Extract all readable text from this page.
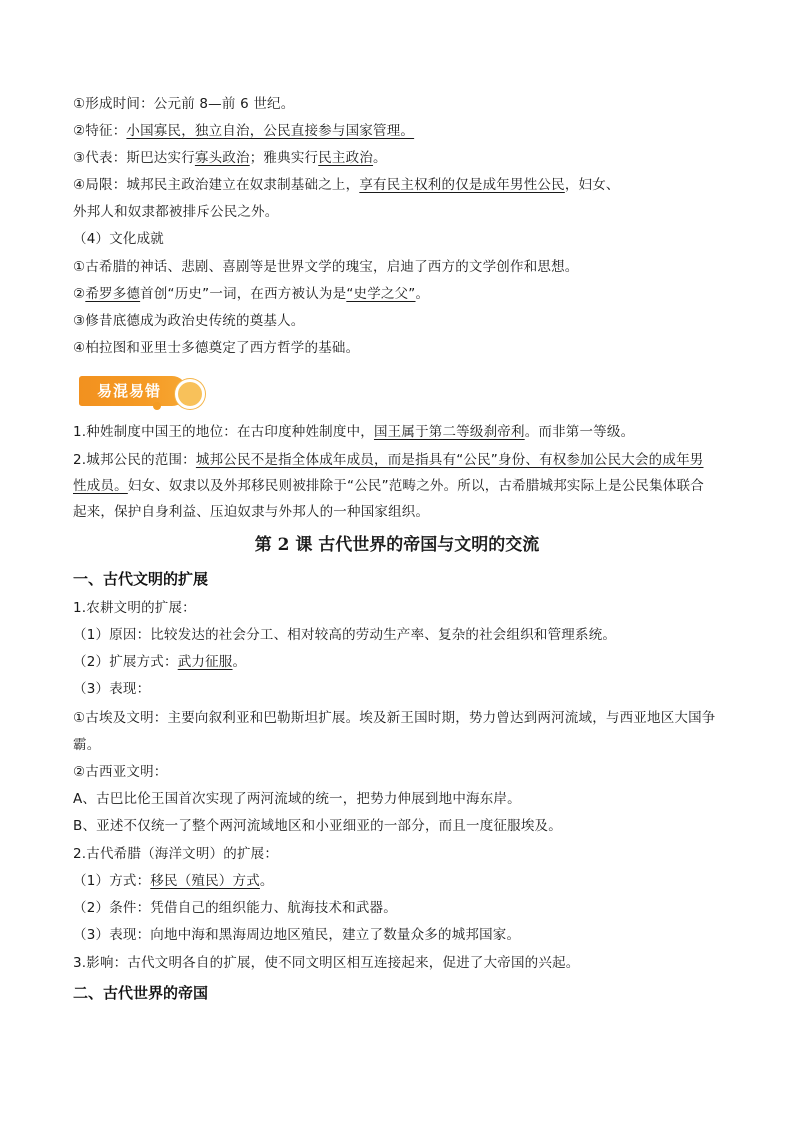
①形成时间：公元前 8—前 6 世纪。
②特征：小国寡民，独立自治，公民直接参与国家管理。
③代表：斯巴达实行寡头政治；雅典实行民主政治。
④局限：城邦民主政治建立在奴隶制基础之上，享有民主权利的仅是成年男性公民，妇女、
外邦人和奴隶都被排斥公民之外。
（4）文化成就
①古希腊的神话、悲剧、喜剧等是世界文学的瑰宝，启迪了西方的文学创作和思想。
②希罗多德首创“历史”一词，在西方被认为是“史学之父”。
③修昔底德成为政治史传统的奠基人。
④柏拉图和亚里士多德奠定了西方哲学的基础。
易混易错
1.种姓制度中国王的地位：在古印度种姓制度中，国王属于第二等级刹帝利。而非第一等级。
2.城邦公民的范围：城邦公民不是指全体成年成员，而是指具有“公民”身份、有权参加公民大会的成年男
性成员。妇女、奴隶以及外邦移民则被排除于“公民”范畴之外。所以，古希腊城邦实际上是公民集体联合
起来，保护自身利益、压迫奴隶与外邦人的一种国家组织。
第 2 课 古代世界的帝国与文明的交流
一、古代文明的扩展
1.农耕文明的扩展：
（1）原因：比较发达的社会分工、相对较高的劳动生产率、复杂的社会组织和管理系统。
（2）扩展方式：武力征服。
（3）表现：
①古埃及文明：主要向叙利亚和巴勒斯坦扩展。埃及新王国时期，势力曾达到两河流域，与西亚地区大国争
霸。
②古西亚文明：
A、古巴比伦王国首次实现了两河流域的统一，把势力伸展到地中海东岸。
B、亚述不仅统一了整个两河流域地区和小亚细亚的一部分，而且一度征服埃及。
2.古代希腊（海洋文明）的扩展：
（1）方式：移民（殖民）方式。
（2）条件：凭借自己的组织能力、航海技术和武器。
（3）表现：向地中海和黑海周边地区殖民，建立了数量众多的城邦国家。
3.影响：古代文明各自的扩展，使不同文明区相互连接起来，促进了大帝国的兴起。
二、古代世界的帝国
